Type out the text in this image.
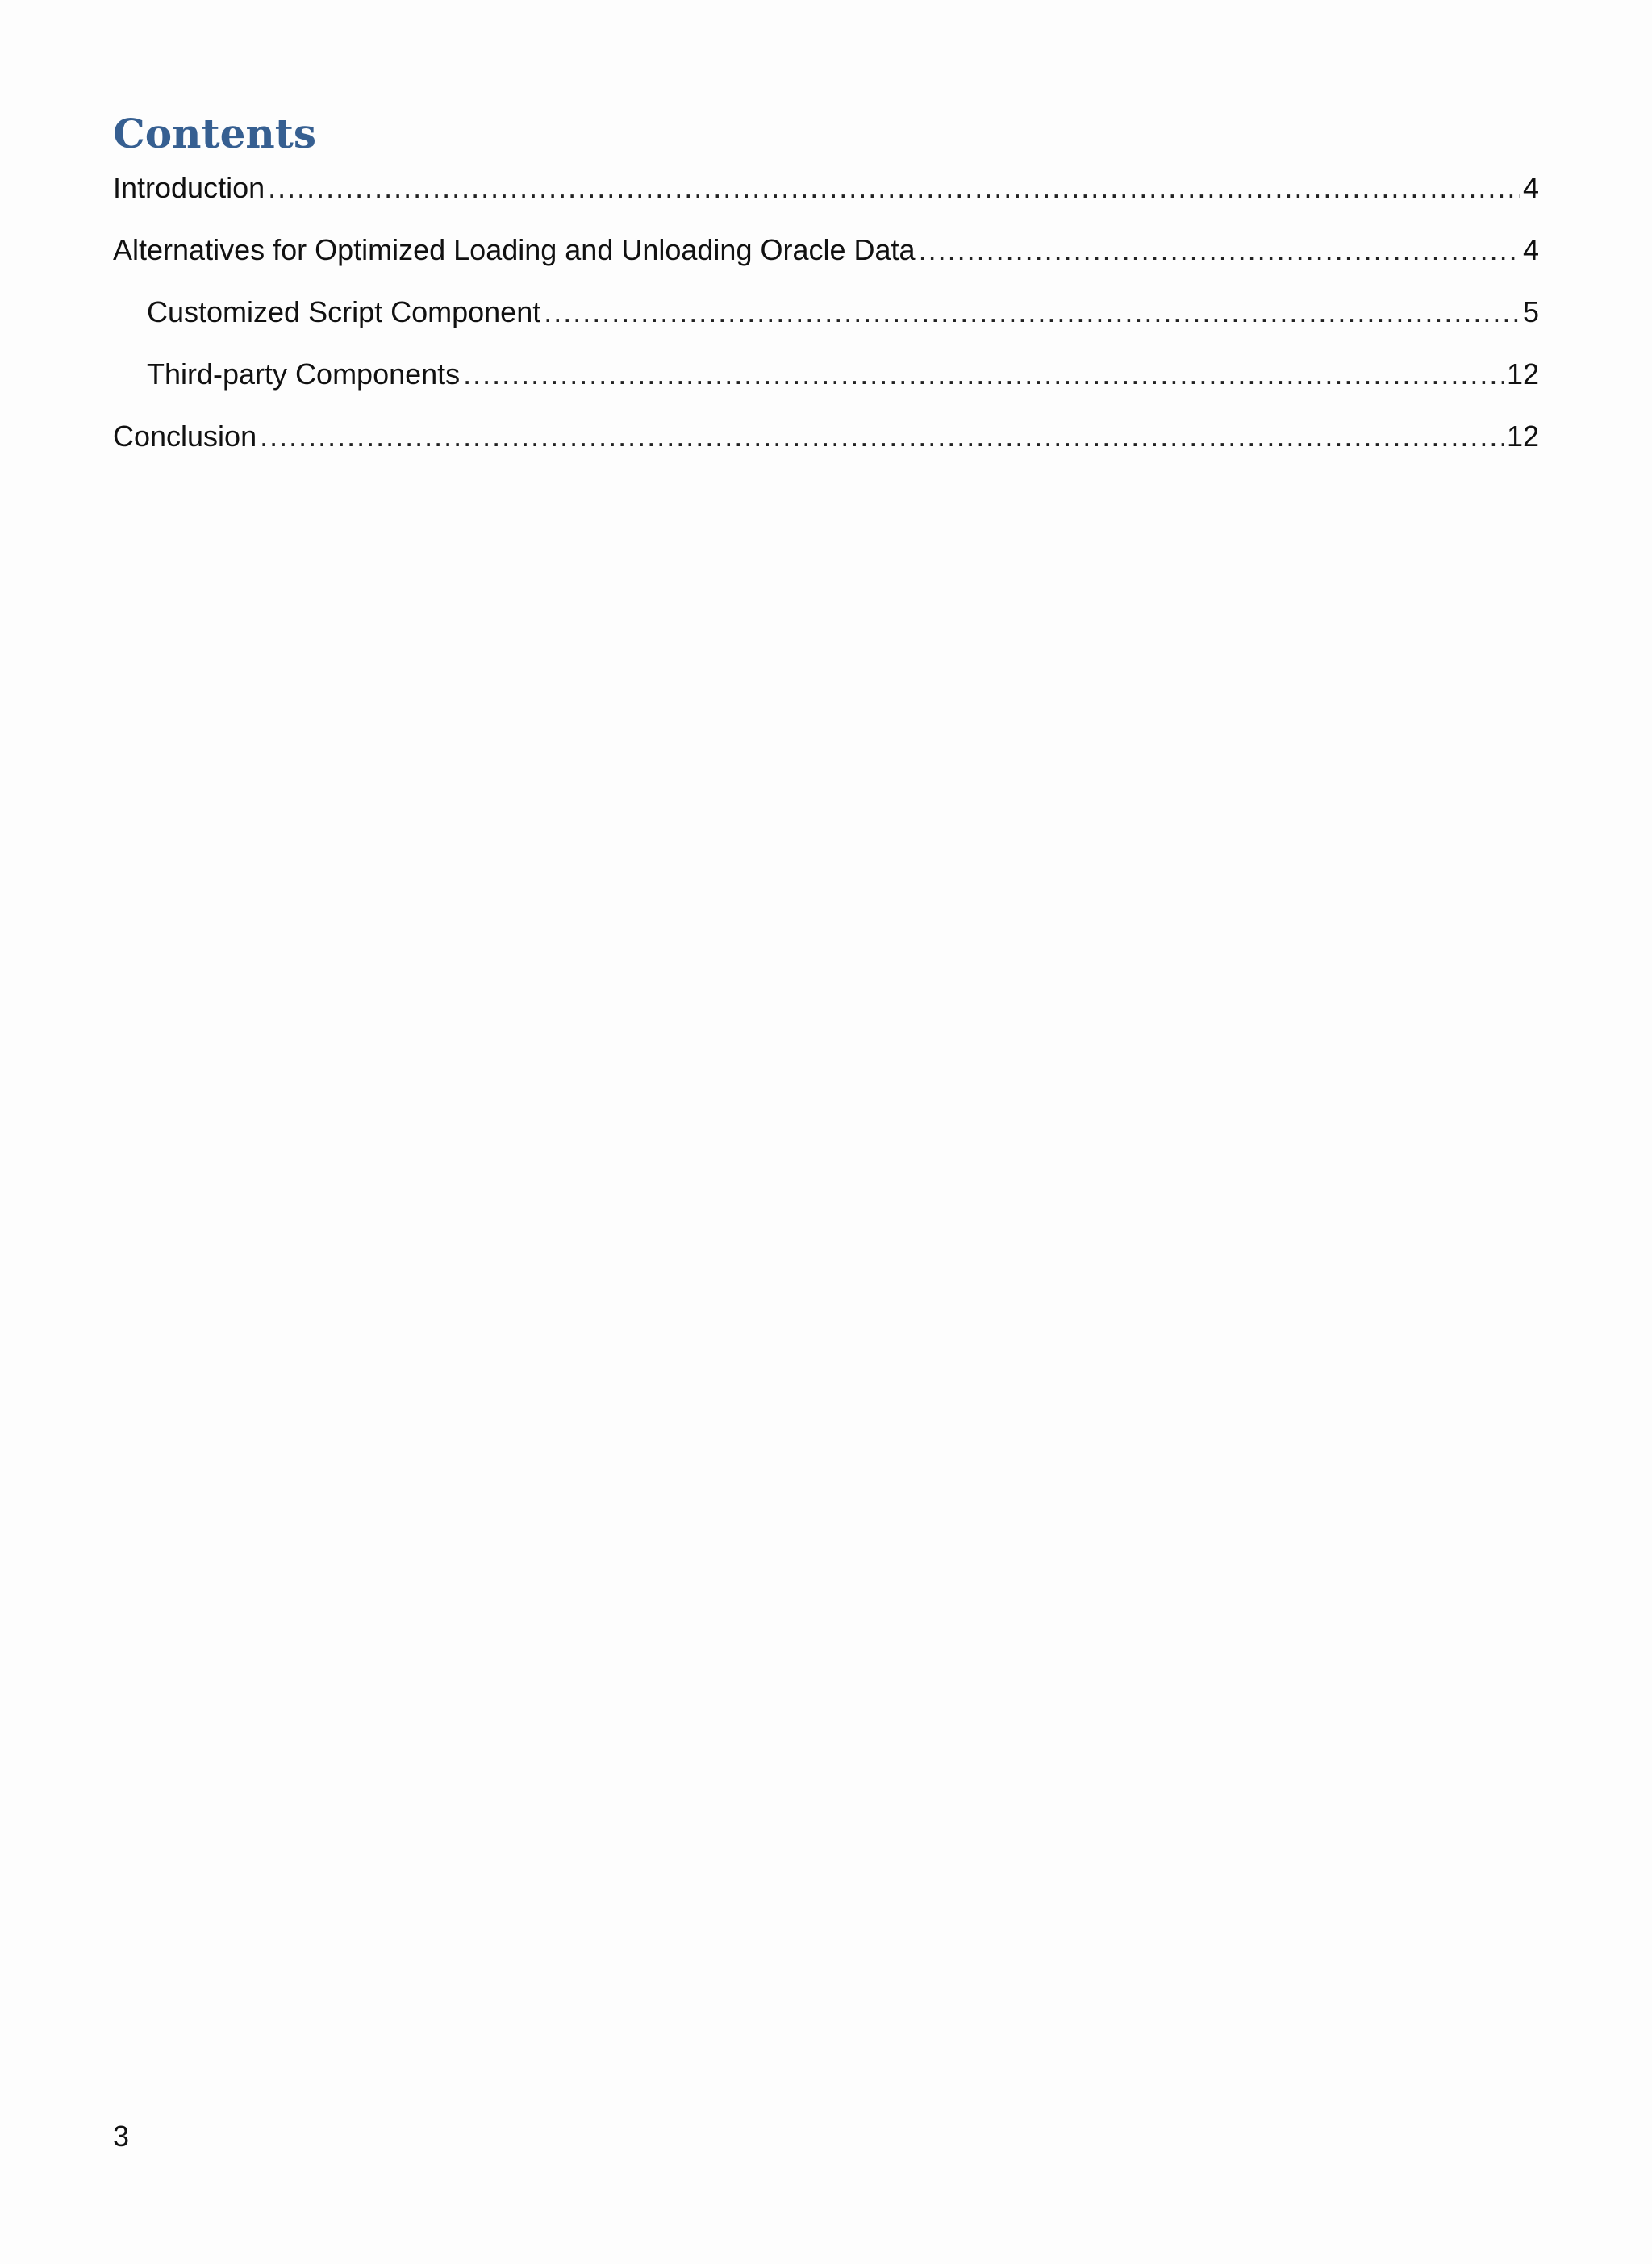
Contents
Introduction .....	4
Alternatives for Optimized Loading and Unloading Oracle Data .....	4
Customized Script Component .....	5
Third-party Components .....	12
Conclusion .....	12
3
